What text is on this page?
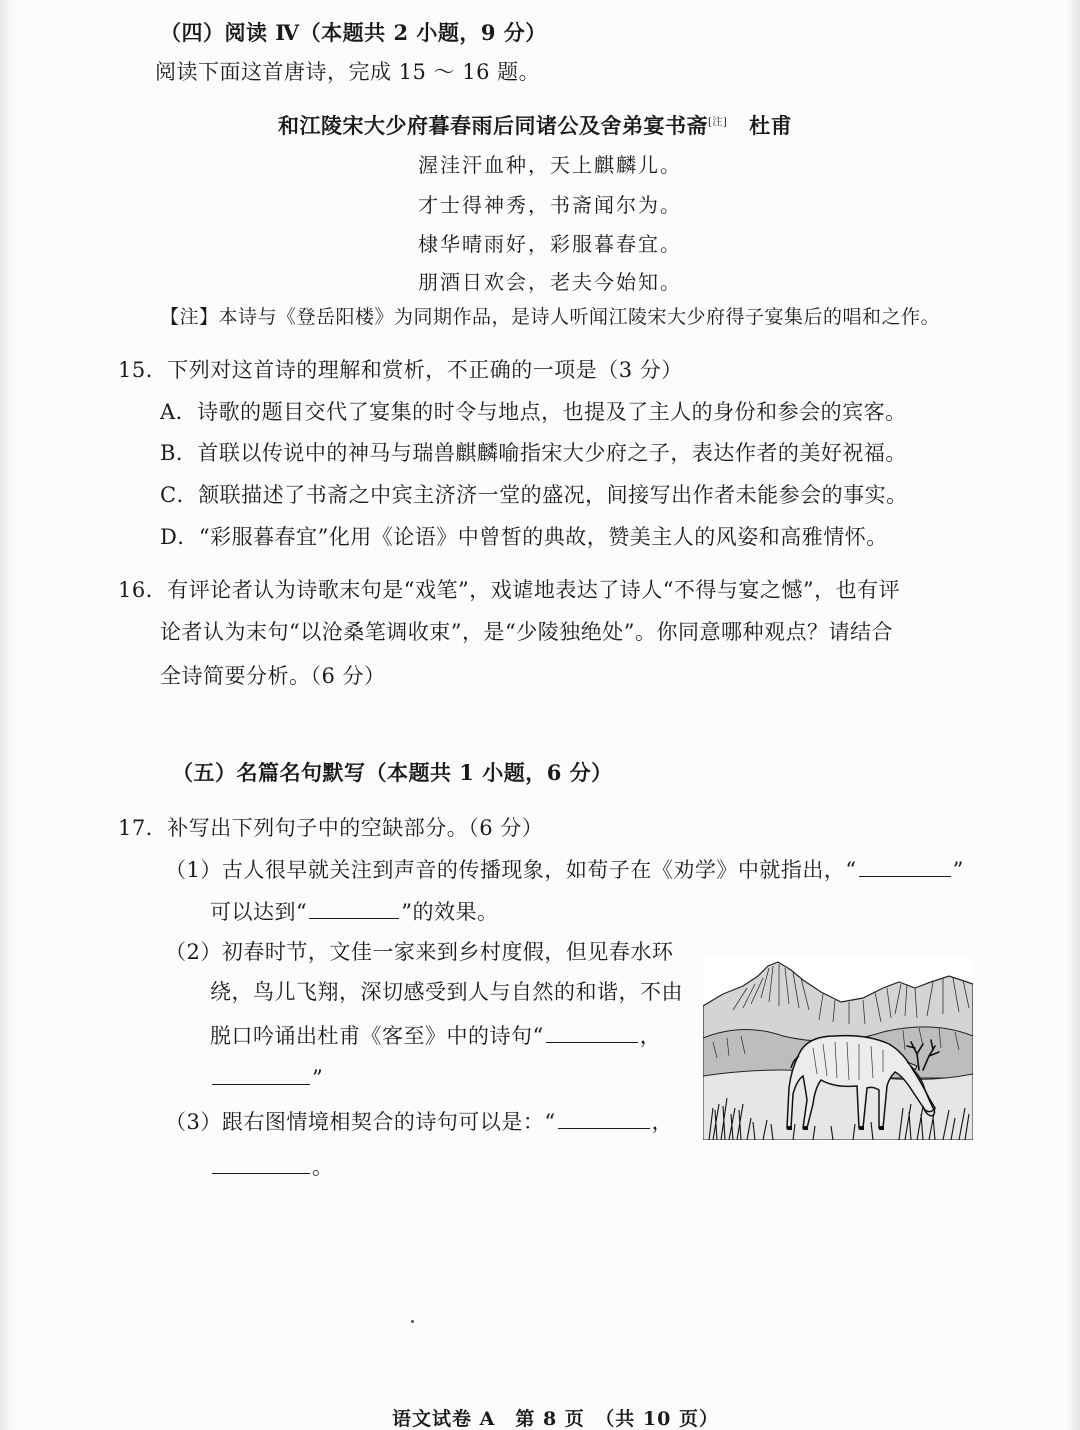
（四）阅读 Ⅳ（本题共 2 小题，9 分）
阅读下面这首唐诗，完成 15 ～ 16 题。
和江陵宋大少府暮春雨后同诸公及舍弟宴书斋[注] 杜甫
渥洼汗血种，天上麒麟儿。
才士得神秀，书斋闻尔为。
棣华晴雨好，彩服暮春宜。
朋酒日欢会，老夫今始知。
【注】本诗与《登岳阳楼》为同期作品，是诗人听闻江陵宋大少府得子宴集后的唱和之作。
15．下列对这首诗的理解和赏析，不正确的一项是（3 分）
A．诗歌的题目交代了宴集的时令与地点，也提及了主人的身份和参会的宾客。
B．首联以传说中的神马与瑞兽麒麟喻指宋大少府之子，表达作者的美好祝福。
C．颔联描述了书斋之中宾主济济一堂的盛况，间接写出作者未能参会的事实。
D．“彩服暮春宜”化用《论语》中曾皙的典故，赞美主人的风姿和高雅情怀。
16．有评论者认为诗歌末句是“戏笔”，戏谑地表达了诗人“不得与宴之憾”，也有评
论者认为末句“以沧桑笔调收束”，是“少陵独绝处”。你同意哪种观点？请结合
全诗简要分析。（6 分）
（五）名篇名句默写（本题共 1 小题，6 分）
17．补写出下列句子中的空缺部分。（6 分）
（1）古人很早就关注到声音的传播现象，如荀子在《劝学》中就指出，“	”
可以达到“	”的效果。
（2）初春时节，文佳一家来到乡村度假，但见春水环
绕，鸟儿飞翔，深切感受到人与自然的和谐，不由
脱口吟诵出杜甫《客至》中的诗句“	，
”
（3）跟右图情境相契合的诗句可以是：“	，
。
语文试卷 A　第 8 页　（共 10 页）
